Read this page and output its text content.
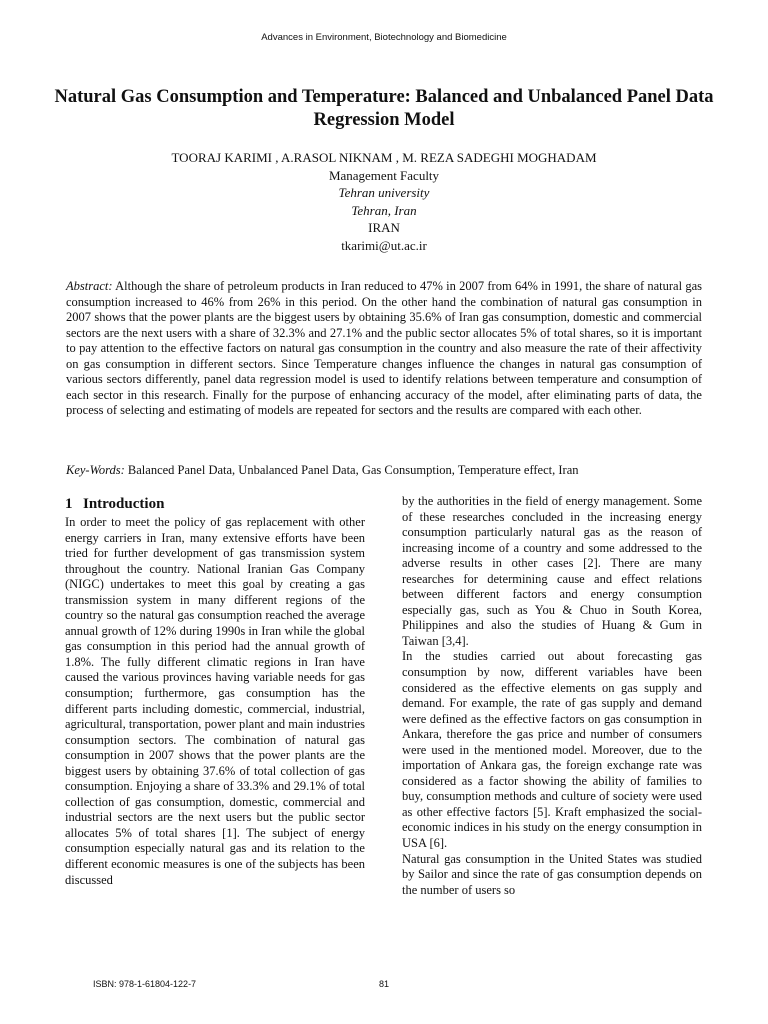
Advances in Environment, Biotechnology and Biomedicine
Natural Gas Consumption and Temperature: Balanced and Unbalanced Panel Data Regression Model
TOORAJ KARIMI , A.RASOL NIKNAM , M. REZA SADEGHI MOGHADAM
Management Faculty
Tehran university
Tehran, Iran
IRAN
tkarimi@ut.ac.ir
Abstract: Although the share of petroleum products in Iran reduced to 47% in 2007 from 64% in 1991, the share of natural gas consumption increased to 46% from 26% in this period. On the other hand the combination of natural gas consumption in 2007 shows that the power plants are the biggest users by obtaining 35.6% of Iran gas consumption, domestic and commercial sectors are the next users with a share of 32.3% and 27.1% and the public sector allocates 5% of total shares, so it is important to pay attention to the effective factors on natural gas consumption in the country and also measure the rate of their affectivity on gas consumption in different sectors. Since Temperature changes influence the changes in natural gas consumption of various sectors differently, panel data regression model is used to identify relations between temperature and consumption of each sector in this research. Finally for the purpose of enhancing accuracy of the model, after eliminating parts of data, the process of selecting and estimating of models are repeated for sectors and the results are compared with each other.
Key-Words: Balanced Panel Data, Unbalanced Panel Data, Gas Consumption, Temperature effect, Iran
1 Introduction

In order to meet the policy of gas replacement with other energy carriers in Iran, many extensive efforts have been tried for further development of gas transmission system throughout the country. National Iranian Gas Company (NIGC) undertakes to meet this goal by creating a gas transmission system in many different regions of the country so the natural gas consumption reached the average annual growth of 12% during 1990s in Iran while the global gas consumption in this period had the annual growth of 1.8%. The fully different climatic regions in Iran have caused the various provinces having variable needs for gas consumption; furthermore, gas consumption has the different parts including domestic, commercial, industrial, agricultural, transportation, power plant and main industries consumption sectors. The combination of natural gas consumption in 2007 shows that the power plants are the biggest users by obtaining 37.6% of total collection of gas consumption. Enjoying a share of 33.3% and 29.1% of total collection of gas consumption, domestic, commercial and industrial sectors are the next users but the public sector allocates 5% of total shares [1]. The subject of energy consumption especially natural gas and its relation to the different economic measures is one of the subjects has been discussed

by the authorities in the field of energy management. Some of these researches concluded in the increasing energy consumption particularly natural gas as the reason of increasing income of a country and some addressed to the adverse results in other cases [2]. There are many researches for determining cause and effect relations between different factors and energy consumption especially gas, such as You & Chuo in South Korea, Philippines and also the studies of Huang & Gum in Taiwan [3,4].

In the studies carried out about forecasting gas consumption by now, different variables have been considered as the effective elements on gas supply and demand. For example, the rate of gas supply and demand were defined as the effective factors on gas consumption in Ankara, therefore the gas price and number of consumers were used in the mentioned model. Moreover, due to the importation of Ankara gas, the foreign exchange rate was considered as a factor showing the ability of families to buy, consumption methods and culture of society were used as other effective factors [5]. Kraft emphasized the social-economic indices in his study on the energy consumption in USA [6].

Natural gas consumption in the United States was studied by Sailor and since the rate of gas consumption depends on the number of users so

ISBN: 978-1-61804-122-7	81
